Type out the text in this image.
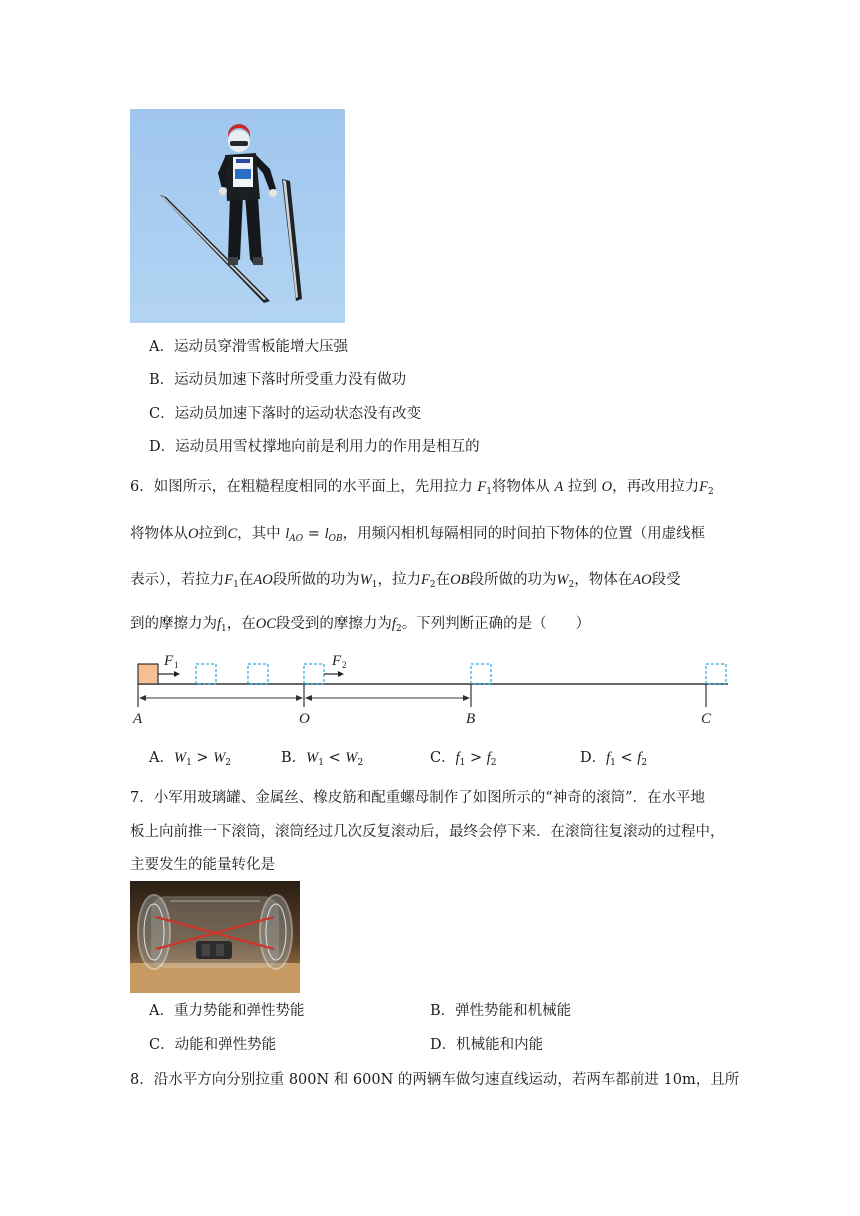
A．运动员穿滑雪板能增大压强
B．运动员加速下落时所受重力没有做功
C．运动员加速下落时的运动状态没有改变
D．运动员用雪杖撑地向前是利用力的作用是相互的
6．如图所示，在粗糙程度相同的水平面上，先用拉力 $F_1$将物体从 A 拉到 O，再改用拉力$F_2$
将物体从O拉到C，其中 $l_{AO} = l_{OB}$，用频闪相机每隔相同的时间拍下物体的位置（用虚线框
表示），若拉力$F_1$在AO段所做的功为$W_1$，拉力$F_2$在OB段所做的功为$W_2$，物体在AO段受
到的摩擦力为$f_1$，在OC段受到的摩擦力为$f_2$。下列判断正确的是（　　）
F 1	F 2
A	O	B	C
A．$W_1 > W_2$	B．$W_1 < W_2$	C．$f_1 > f_2$	D．$f_1 < f_2$
7．小军用玻璃罐、金属丝、橡皮筋和配重螺母制作了如图所示的“神奇的滚筒”．在水平地
板上向前推一下滚筒，滚筒经过几次反复滚动后，最终会停下来．在滚筒往复滚动的过程中，
主要发生的能量转化是
A．重力势能和弹性势能	B．弹性势能和机械能
C．动能和弹性势能	D．机械能和内能
8．沿水平方向分别拉重 800N 和 600N 的两辆车做匀速直线运动，若两车都前进 10m，且所
